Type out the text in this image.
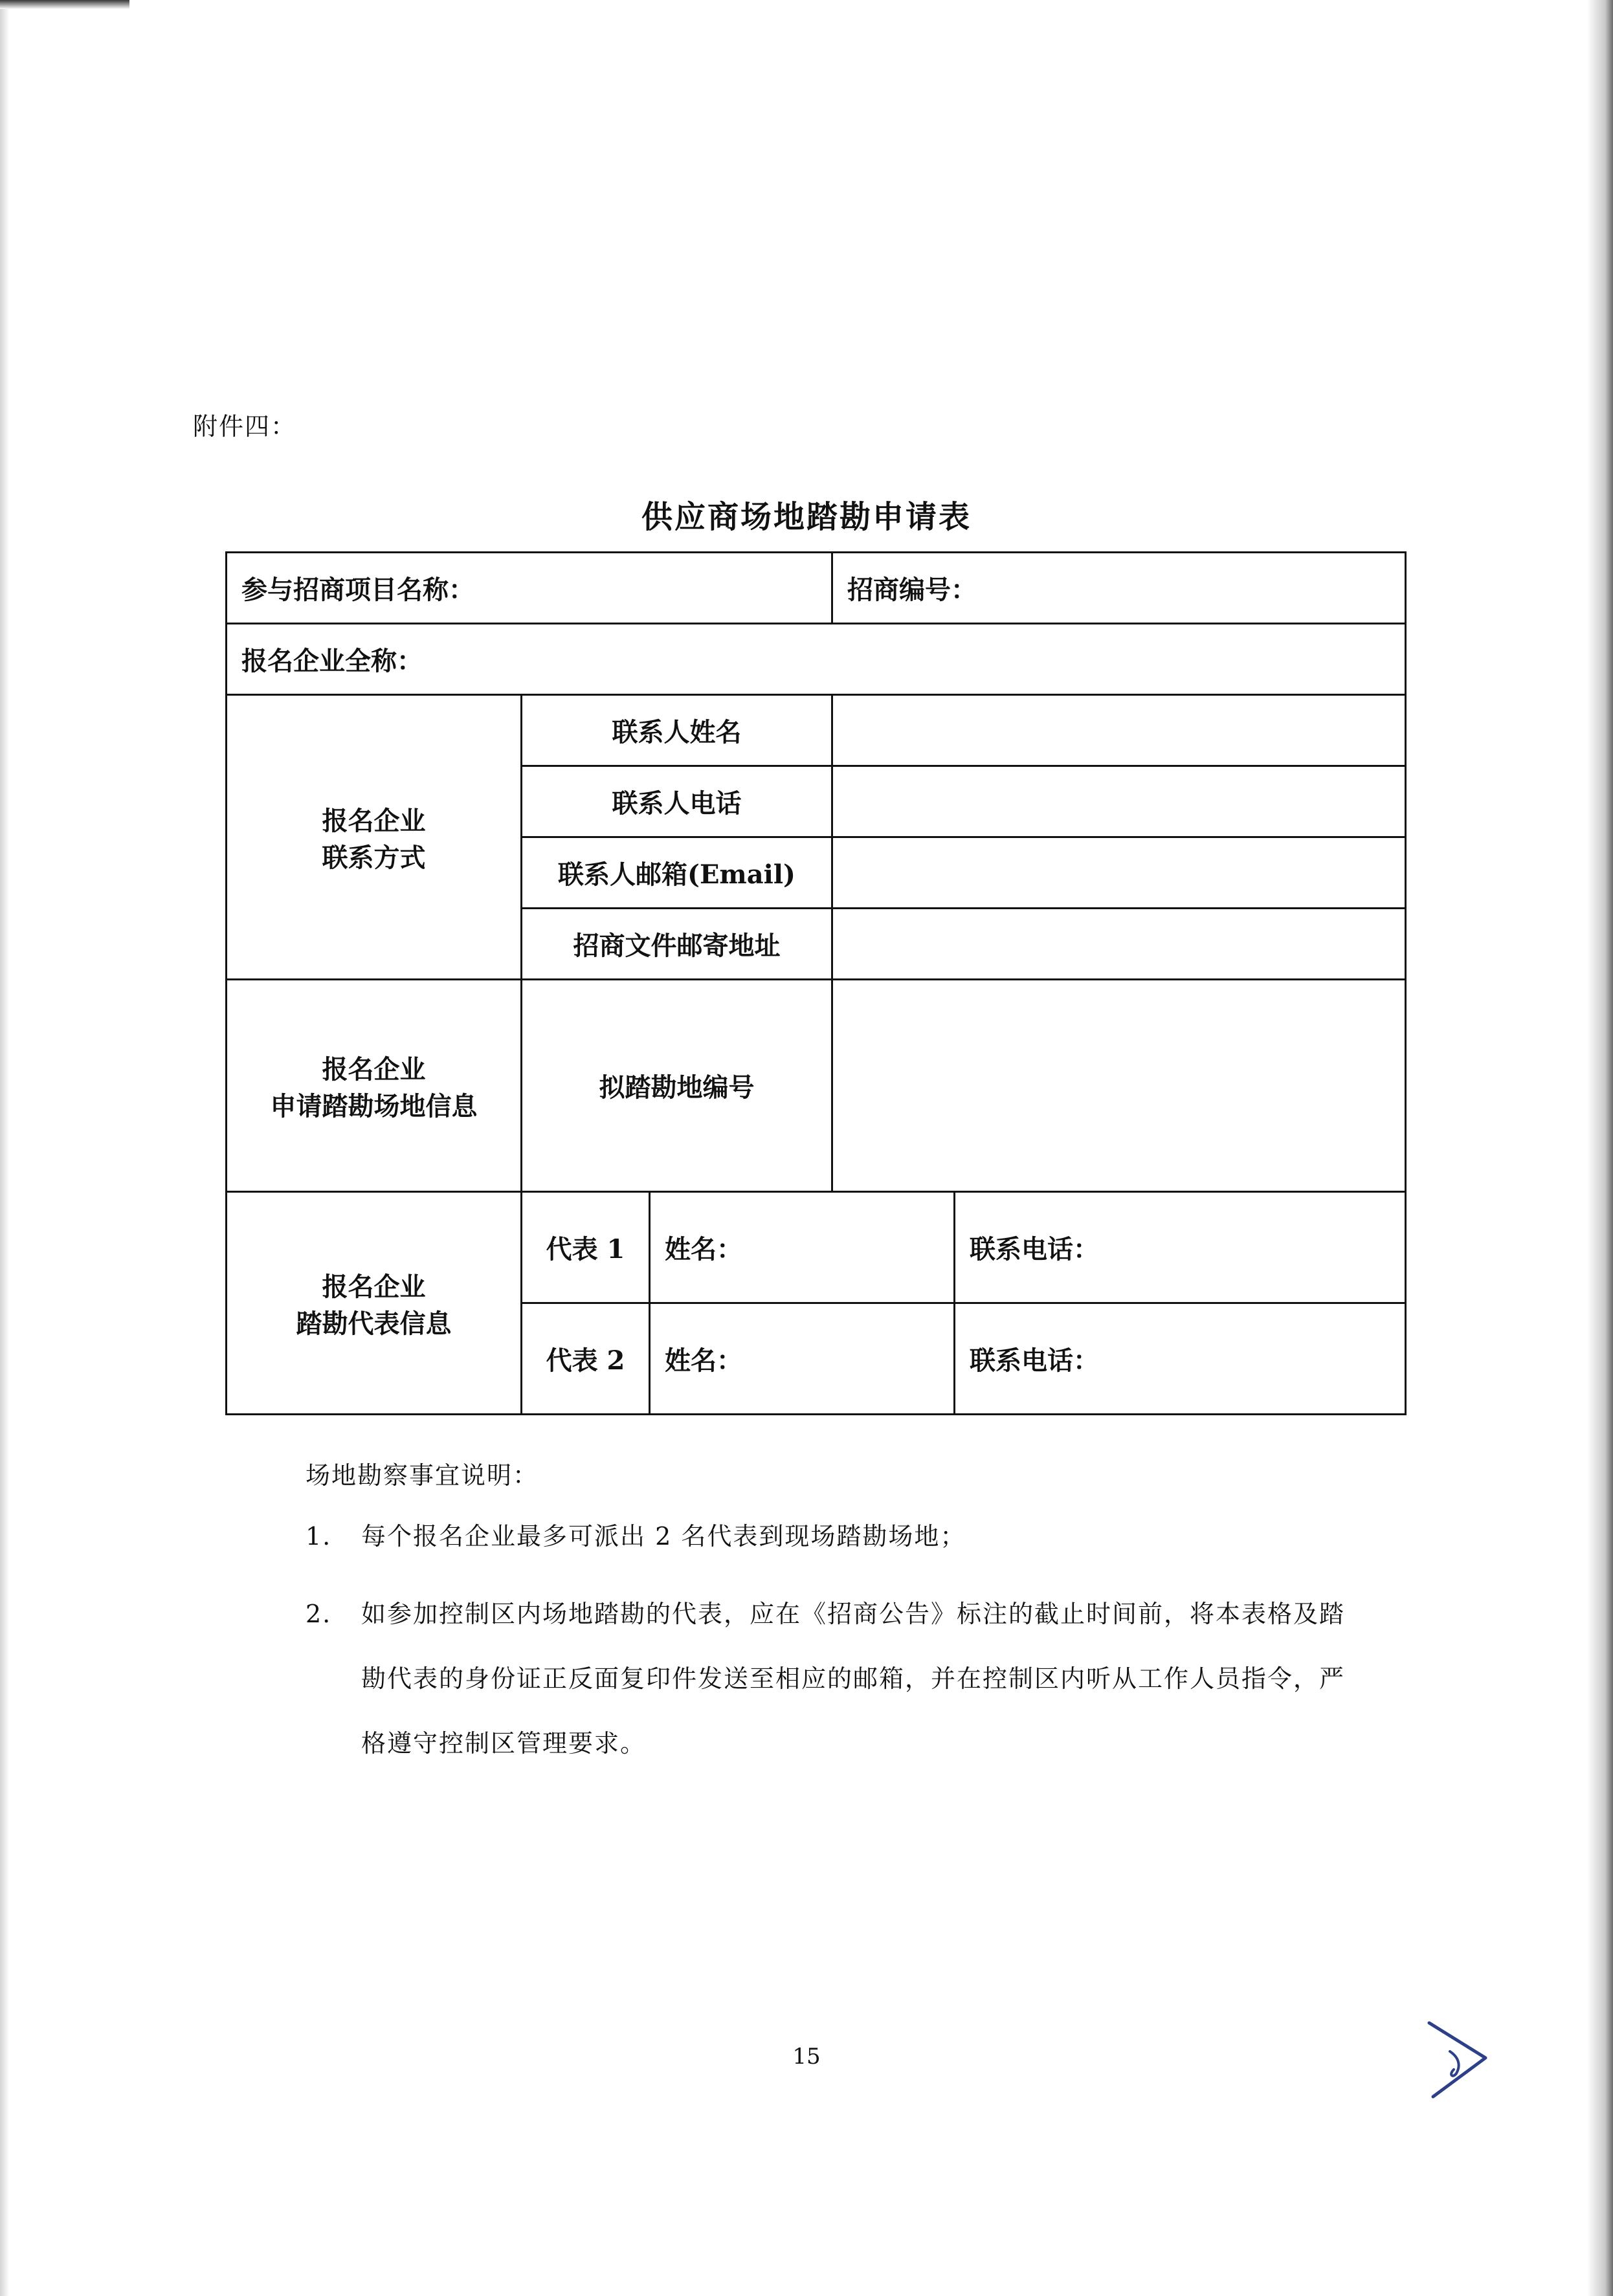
附件四：
供应商场地踏勘申请表
参与招商项目名称：			招商编号：	
报名企业全称：				

报名企业
联系方式	联系人姓名			
	联系人电话			
	联系人邮箱(Email)			
	招商文件邮寄地址			

报名企业
申请踏勘场地信息	拟踏勘地编号			

报名企业
踏勘代表信息	代表 1	姓名：		联系电话：
	代表 2	姓名：		联系电话：
场地勘察事宜说明：
1.	每个报名企业最多可派出 2 名代表到现场踏勘场地；
2.	如参加控制区内场地踏勘的代表，应在《招商公告》标注的截止时间前，将本表格及踏勘代表的身份证正反面复印件发送至相应的邮箱，并在控制区内听从工作人员指令，严格遵守控制区管理要求。
15
